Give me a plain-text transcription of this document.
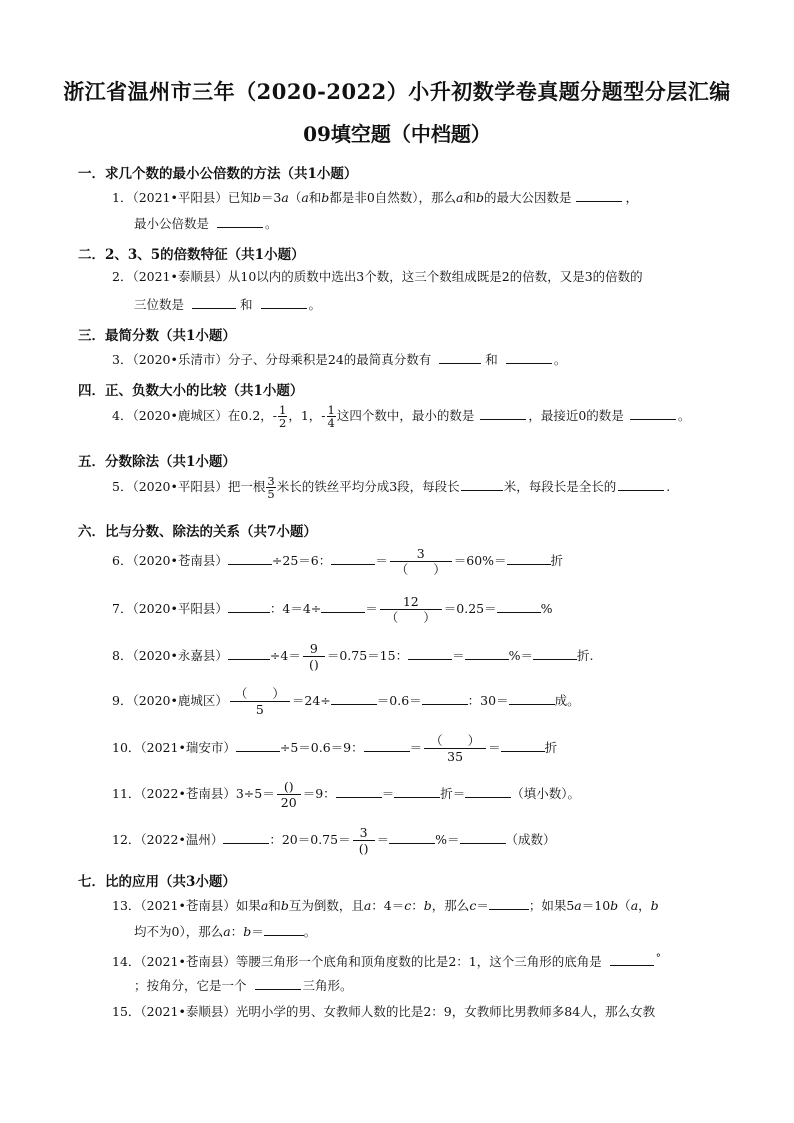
浙江省温州市三年（2020-2022）小升初数学卷真题分题型分层汇编
09填空题（中档题）
一．求几个数的最小公倍数的方法（共1小题）
1．（2021•平阳县）已知b＝3a（a和b都是非0自然数），那么a和b的最大公因数是	，
最小公倍数是	。
二．2、3、5的倍数特征（共1小题）
2．（2021•泰顺县）从10以内的质数中选出3个数，这三个数组成既是2的倍数，又是3的倍数的
三位数是	和	。
三．最简分数（共1小题）
3．（2020•乐清市）分子、分母乘积是24的最简真分数有	和	。
四．正、负数大小的比较（共1小题）
4．（2020•鹿城区）在0.2，- $\frac{1}{2}$ ，1，- $\frac{1}{4}$ 这四个数中，最小的数是	，最接近0的数是	。
五．分数除法（共1小题）
5．（2020•平阳县）把一根 $\frac{3}{5}$ 米长的铁丝平均分成3段，每段长	米，每段长是全长的	.
六．比与分数、除法的关系（共7小题）
6．（2020•苍南县）	÷25＝6：	＝ $\frac{3}{( )} =60\%=$	折
7．（2020•平阳县）	：4＝4÷	＝ $\frac{12}{( )} =0.25=$	%
8．（2020•永嘉县）	$\div 4= \frac{9}{()} =0.75=15$：	＝	%＝	折.
9．（2020•鹿城区） $\frac{( )}{5} =24\div$	＝0.6＝	：30＝	成。
10．（2021•瑞安市）	÷5＝0.6＝9：	＝ $\frac{( )}{35}$ ＝	折
11．（2022•苍南县）$3\div 5= \frac{()}{20} =9$：	＝	折＝	（填小数）。
12．（2022•温州）	：$20=0.75= \frac{3}{()}$ ＝	%＝	（成数）
七．比的应用（共3小题）
13．（2021•苍南县）如果a和b互为倒数，且a：4＝c：b，那么c＝	；如果5a＝10b（a，b
均不为0），那么a：b＝	。
14．（2021•苍南县）等腰三角形一个底角和顶角度数的比是2：1，这个三角形的底角是	°
；按角分，它是一个	三角形。
15．（2021•泰顺县）光明小学的男、女教师人数的比是2：9，女教师比男教师多84人，那么女教
